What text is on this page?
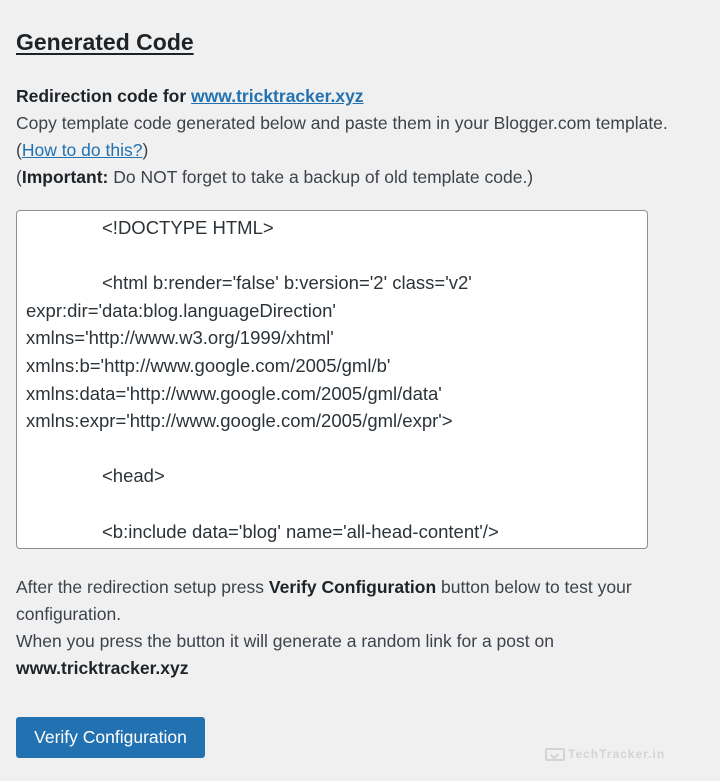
Generated Code

Redirection code for www.tricktracker.xyz

Copy template code generated below and paste them in your Blogger.com template.

(How to do this?)

(Important: Do NOT forget to take a backup of old template code.)

<!DOCTYPE HTML>
<html b:render='false' b:version='2' class='v2'
expr:dir='data:blog.languageDirection'
xmlns='http://www.w3.org/1999/xhtml'
xmlns:b='http://www.google.com/2005/gml/b'
xmlns:data='http://www.google.com/2005/gml/data'
xmlns:expr='http://www.google.com/2005/gml/expr'>
<head>
<b:include data='blog' name='all-head-content'/>

After the redirection setup press Verify Configuration button below to test your

configuration.

When you press the button it will generate a random link for a post on

www.tricktracker.xyz

Verify Configuration
TechTracker.in
